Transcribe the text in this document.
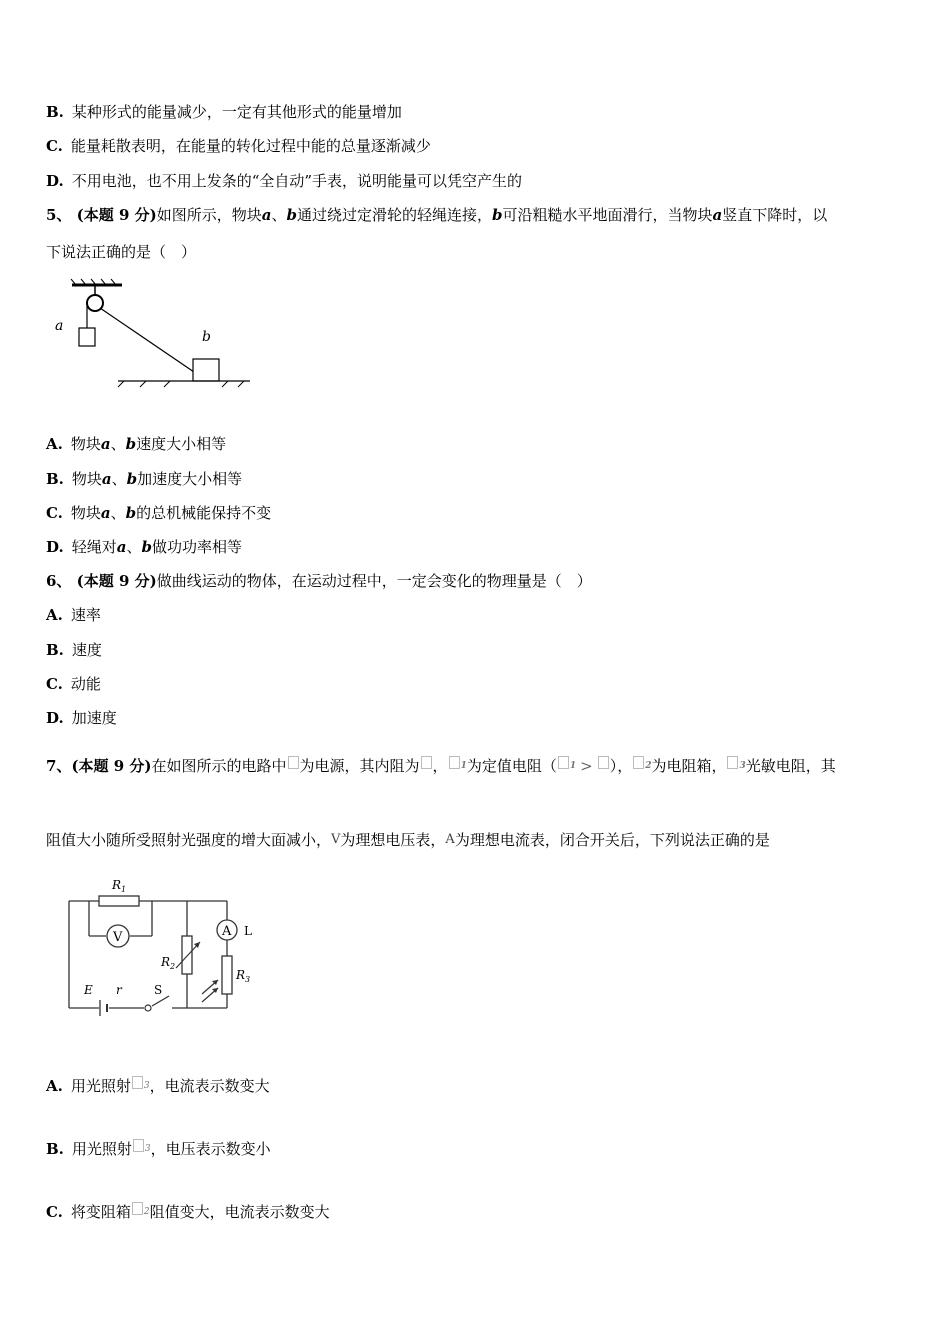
B. 某种形式的能量减少，一定有其他形式的能量增加
C. 能量耗散表明，在能量的转化过程中能的总量逐渐减少
D. 不用电池，也不用上发条的“全自动”手表，说明能量可以凭空产生的
5、 (本题 9 分)如图所示，物块a、b通过绕过定滑轮的轻绳连接，b可沿粗糙水平地面滑行，当物块a竖直下降时，以
下说法正确的是（　）
a
b
A. 物块a、b速度大小相等
B. 物块a、b加速度大小相等
C. 物块a、b的总机械能保持不变
D. 轻绳对a、b做功功率相等
6、 (本题 9 分)做曲线运动的物体，在运动过程中，一定会变化的物理量是（　）
A. 速率
B. 速度
C. 动能
D. 加速度
7、(本题 9 分)在如图所示的电路中 为电源，其内阻为 ， $^1$为定值电阻（ $^1$ > ）， $^2$为电阻箱， $^3$光敏电阻，其
阻值大小随所受照射光强度的增大面减小，V为理想电压表，A为理想电流表，闭合开关后，下列说法正确的是
$R_1$
V
$R_2$
A L
$R_3$
E r	S
A. 用光照射 $^3$，电流表示数变大
B. 用光照射 $^3$，电压表示数变小
C. 将变阻箱 $^2$阻值变大，电流表示数变大
